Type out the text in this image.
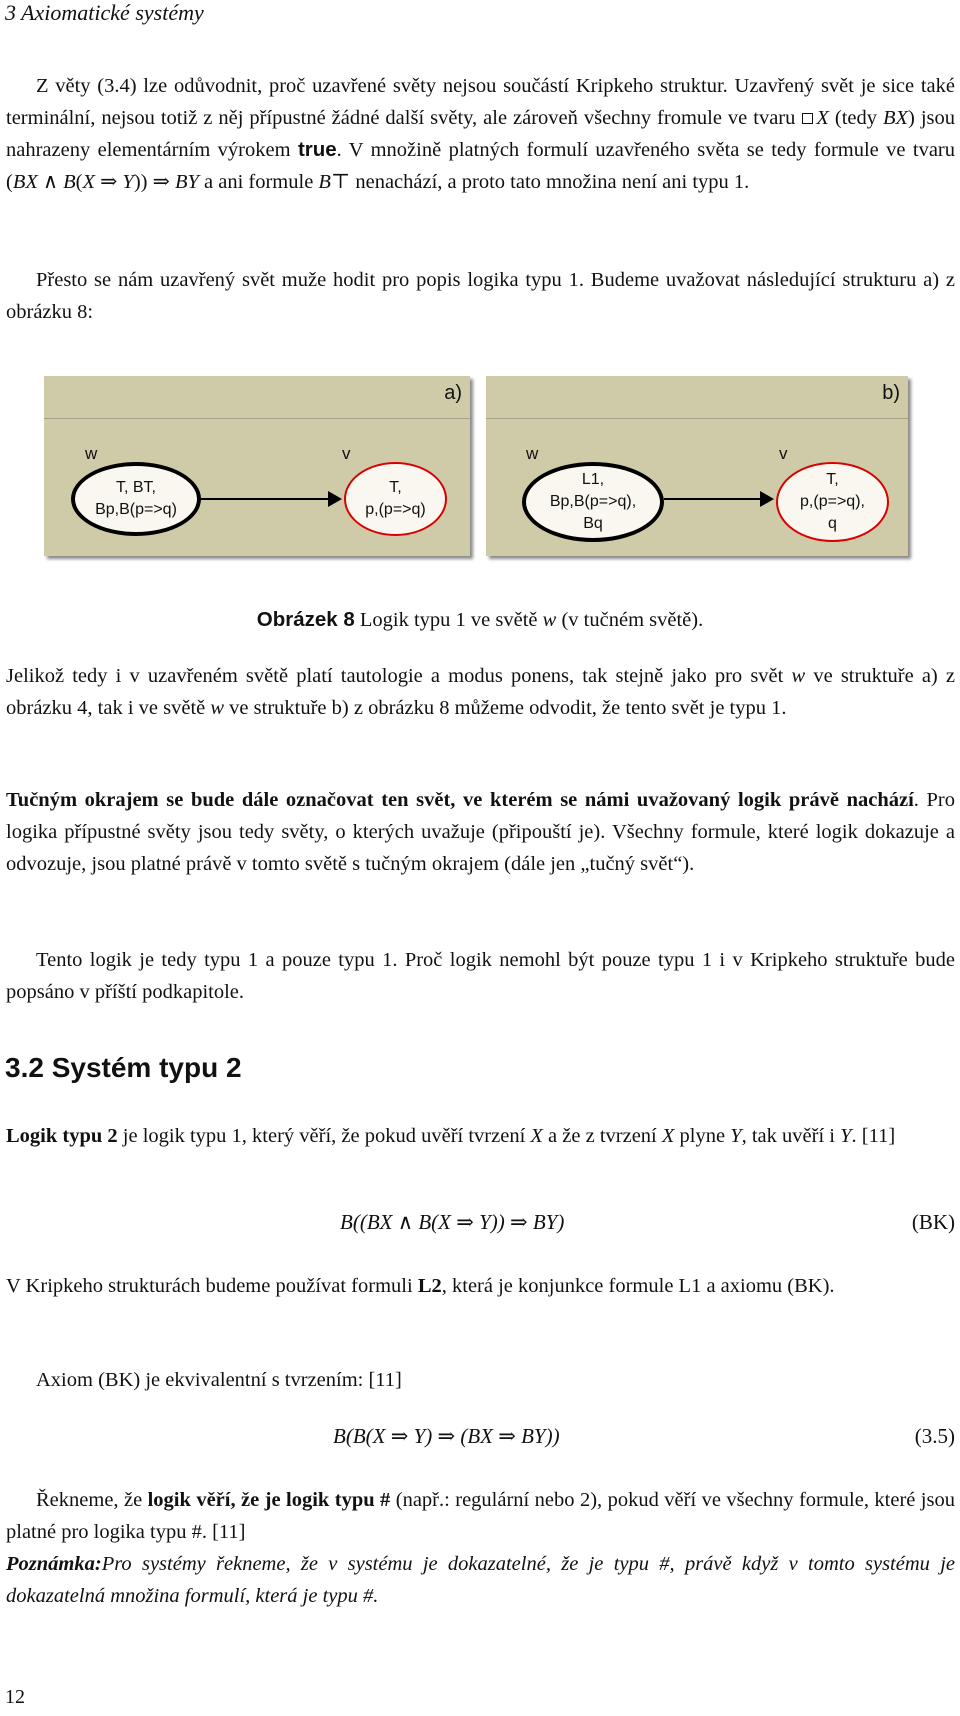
3 Axiomatické systémy
Z věty (3.4) lze odůvodnit, proč uzavřené světy nejsou součástí Kripkeho struktur. Uzavřený svět je sice také terminální, nejsou totiž z něj přípustné žádné další světy, ale zároveň všechny fromule ve tvaru X (tedy BX) jsou nahrazeny elementárním výrokem true. V množině platných formulí uzavřeného světa se tedy formule ve tvaru (BX ∧ B(X ⇒ Y)) ⇒ BY a ani formule B⊤ nenachází, a proto tato množina není ani typu 1.
Přesto se nám uzavřený svět muže hodit pro popis logika typu 1. Budeme uvažovat následující strukturu a) z obrázku 8:
a)
w	v
T, BT,
Bp,B(p=>q)
T,
p,(p=>q)
b)
w	v
L1,
Bp,B(p=>q),
Bq
T,
p,(p=>q),
q
Obrázek 8 Logik typu 1 ve světě w (v tučném světě).
Jelikož tedy i v uzavřeném světě platí tautologie a modus ponens, tak stejně jako pro svět w ve struktuře a) z obrázku 4, tak i ve světě w ve struktuře b) z obrázku 8 můžeme odvodit, že tento svět je typu 1.
Tučným okrajem se bude dále označovat ten svět, ve kterém se námi uvažovaný logik právě nachází. Pro logika přípustné světy jsou tedy světy, o kterých uvažuje (připouští je). Všechny formule, které logik dokazuje a odvozuje, jsou platné právě v tomto světě s tučným okrajem (dále jen „tučný svět“).
Tento logik je tedy typu 1 a pouze typu 1. Proč logik nemohl být pouze typu 1 i v Kripkeho struktuře bude popsáno v příští podkapitole.
3.2 Systém typu 2
Logik typu 2 je logik typu 1, který věří, že pokud uvěří tvrzení X a že z tvrzení X plyne Y, tak uvěří i Y. [11]
B((BX ∧ B(X ⇒ Y)) ⇒ BY)	(BK)
V Kripkeho strukturách budeme používat formuli L2, která je konjunkce formule L1 a axiomu (BK).
Axiom (BK) je ekvivalentní s tvrzením: [11]
B(B(X ⇒ Y) ⇒ (BX ⇒ BY))	(3.5)
Řekneme, že logik věří, že je logik typu # (např.: regulární nebo 2), pokud věří ve všechny formule, které jsou platné pro logika typu #. [11]
Poznámka:Pro systémy řekneme, že v systému je dokazatelné, že je typu #, právě když v tomto systému je dokazatelná množina formulí, která je typu #.
12
